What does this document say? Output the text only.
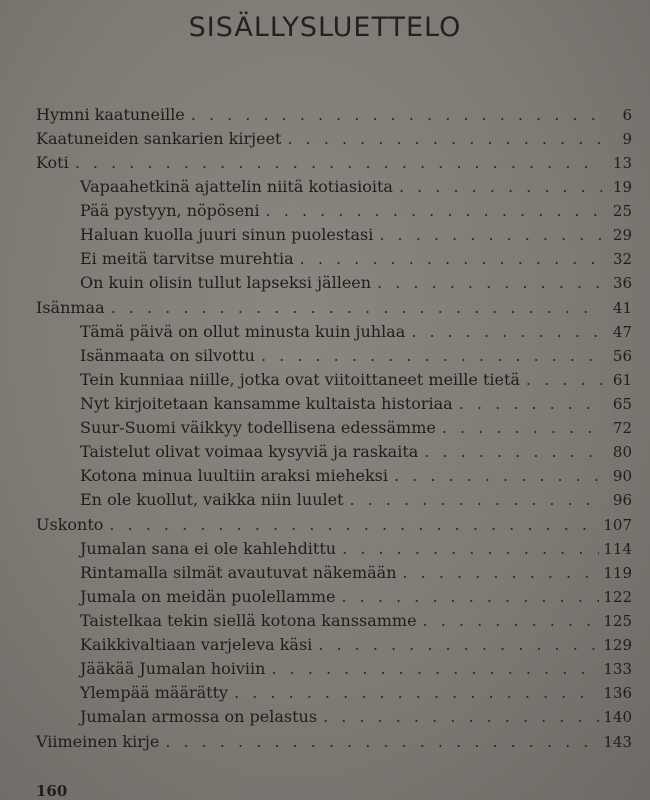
SISÄLLYSLUETTELO
Hymni kaatuneille . . .	6
Kaatuneiden sankarien kirjeet . . .	9
Koti . . .	13
Vapaahetkinä ajattelin niitä kotiasioita . . .	19
Pää pystyyn, nöpöseni . . .	25
Haluan kuolla juuri sinun puolestasi . . .	29
Ei meitä tarvitse murehtia . . .	32
On kuin olisin tullut lapseksi jälleen . . .	36
Isänmaa . . .	41
Tämä päivä on ollut minusta kuin juhlaa . . .	47
Isänmaata on silvottu . . .	56
Tein kunniaa niille, jotka ovat viitoittaneet meille tietä . . .	61
Nyt kirjoitetaan kansamme kultaista historiaa . . .	65
Suur-Suomi väikkyy todellisena edessämme . . .	72
Taistelut olivat voimaa kysyviä ja raskaita . . .	80
Kotona minua luultiin araksi mieheksi . . .	90
En ole kuollut, vaikka niin luulet . . .	96
Uskonto . . .	107
Jumalan sana ei ole kahlehdittu . . .	114
Rintamalla silmät avautuvat näkemään . . .	119
Jumala on meidän puolellamme . . .	122
Taistelkaa tekin siellä kotona kanssamme . . .	125
Kaikkivaltiaan varjeleva käsi . . .	129
Jääkää Jumalan hoiviin . . .	133
Ylempää määrätty . . .	136
Jumalan armossa on pelastus . . .	140
Viimeinen kirje . . .	143
160
